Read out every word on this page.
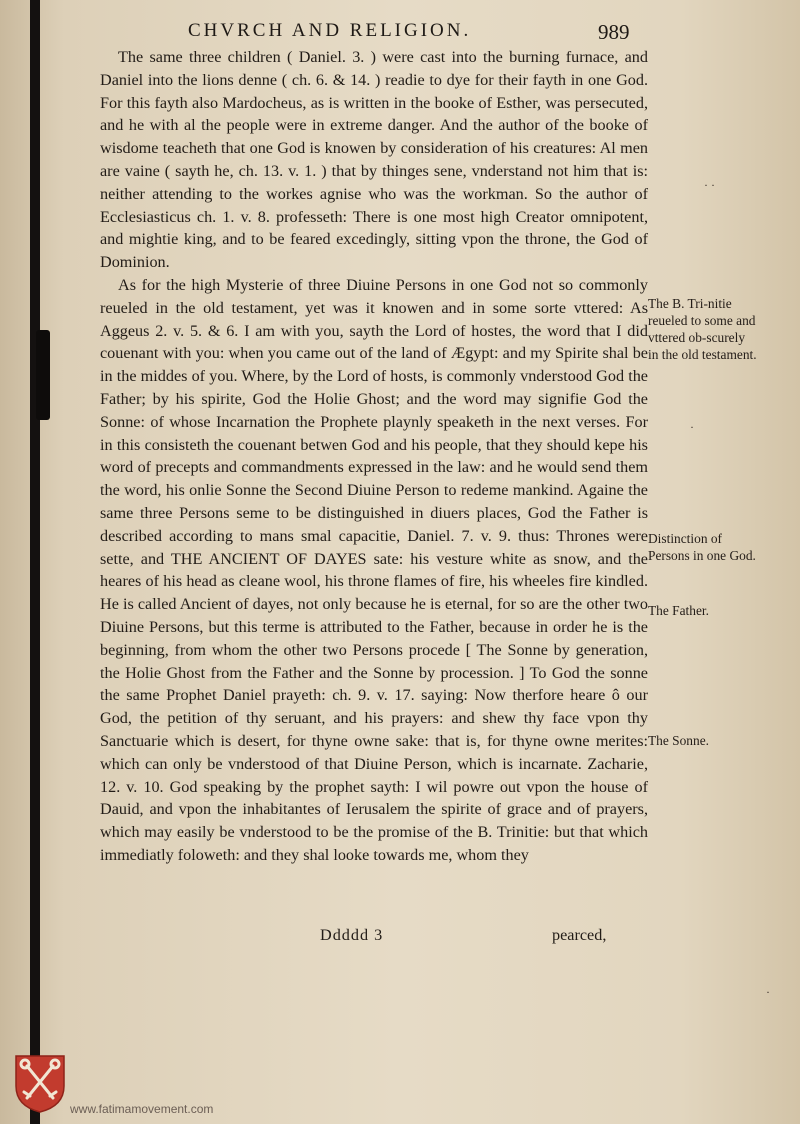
CHVRCH AND RELIGION.	989

The same three children ( Daniel. 3. ) were cast into the burning furnace, and Daniel into the lions denne ( ch. 6. & 14. ) readie to dye for their fayth in one God. For this fayth also Mardocheus, as is written in the booke of Esther, was persecuted, and he with al the people were in extreme danger. And the author of the booke of wisdome teacheth that one God is knowen by consideration of his creatures: Al men are vaine ( sayth he, ch. 13. v. 1. ) that by thinges sene, vnderstand not him that is: neither attending to the workes agnise who was the workman. So the author of Ecclesiasticus ch. 1. v. 8. professeth: There is one most high Creator omnipotent, and mightie king, and to be feared excedingly, sitting vpon the throne, the God of Dominion.

As for the high Mysterie of three Diuine Persons in one God not so commonly reueled in the old testament, yet was it knowen and in some sorte vttered: As Aggeus 2. v. 5. & 6. I am with you, sayth the Lord of hostes, the word that I did couenant with you: when you came out of the land of Ægypt: and my Spirite shal be in the middes of you. Where, by the Lord of hosts, is commonly vnderstood God the Father; by his spirite, God the Holie Ghost; and the word may signifie God the Sonne: of whose Incarnation the Prophete playnly speaketh in the next verses. For in this consisteth the couenant betwen God and his people, that they should kepe his word of precepts and commandments expressed in the law: and he would send them the word, his onlie Sonne the Second Diuine Person to redeme mankind. Againe the same three Persons seme to be distinguished in diuers places, God the Father is described according to mans smal capacitie, Daniel. 7. v. 9. thus: Thrones were sette, and THE ANCIENT OF DAYES sate: his vesture white as snow, and the heares of his head as cleane wool, his throne flames of fire, his wheeles fire kindled. He is called Ancient of dayes, not only because he is eternal, for so are the other two Diuine Persons, but this terme is attributed to the Father, because in order he is the beginning, from whom the other two Persons procede [ The Sonne by generation, the Holie Ghost from the Father and the Sonne by procession. ] To God the sonne the same Prophet Daniel prayeth: ch. 9. v. 17. saying: Now therfore heare ô our God, the petition of thy seruant, and his prayers: and shew thy face vpon thy Sanctuarie which is desert, for thyne owne sake: that is, for thyne owne merites: which can only be vnderstood of that Diuine Person, which is incarnate. Zacharie, 12. v. 10. God speaking by the prophet sayth: I wil powre out vpon the house of Dauid, and vpon the inhabitantes of Ierusalem the spirite of grace and of prayers, which may easily be vnderstood to be the promise of the B. Trinitie: but that which immediatly foloweth: and they shal looke towards me, whom they

Ddddd 3	pearced,
The B. Tri-nitie reueled to some and vttered ob-scurely in the old testament.
Distinction of Persons in one God.
The Father.
The Sonne.
· ·
·
·
www.fatimamovement.com
